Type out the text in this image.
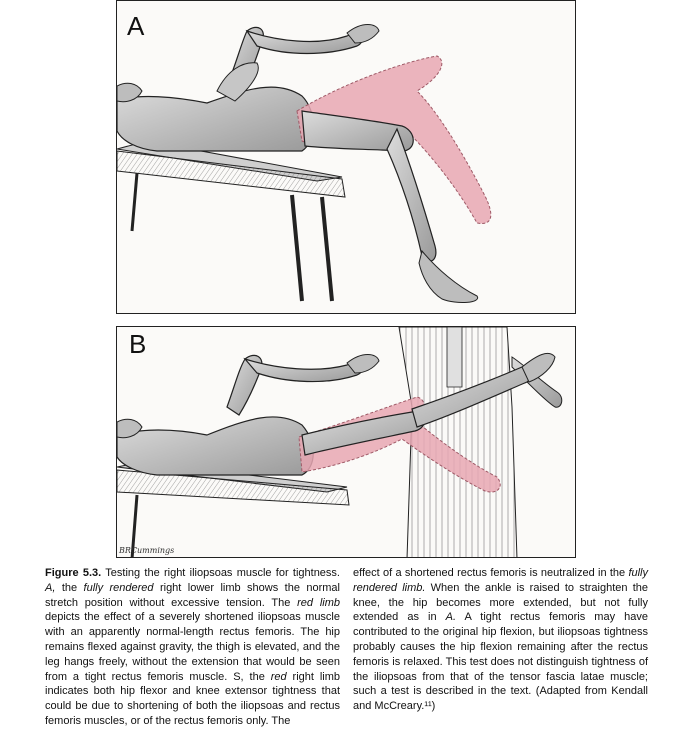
A
B
BRCummings

Figure 5.3. Testing the right iliopsoas muscle for tightness. A, the fully rendered right lower limb shows the normal stretch position without excessive tension. The red limb depicts the effect of a severely shortened iliopsoas muscle with an apparently normal-length rectus femoris. The hip remains flexed against gravity, the thigh is elevated, and the leg hangs freely, without the extension that would be seen from a tight rectus femoris muscle. S, the red right limb indicates both hip flexor and knee extensor tightness that could be due to shortening of both the iliopsoas and rectus femoris muscles, or of the rectus femoris only. The

effect of a shortened rectus femoris is neutralized in the fully rendered limb. When the ankle is raised to straighten the knee, the hip becomes more extended, but not fully extended as in A. A tight rectus femoris may have contributed to the original hip flexion, but iliopsoas tightness probably causes the hip flexion remaining after the rectus femoris is relaxed. This test does not distinguish tightness of the iliopsoas from that of the tensor fascia latae muscle; such a test is described in the text. (Adapted from Kendall and McCreary.¹¹)
